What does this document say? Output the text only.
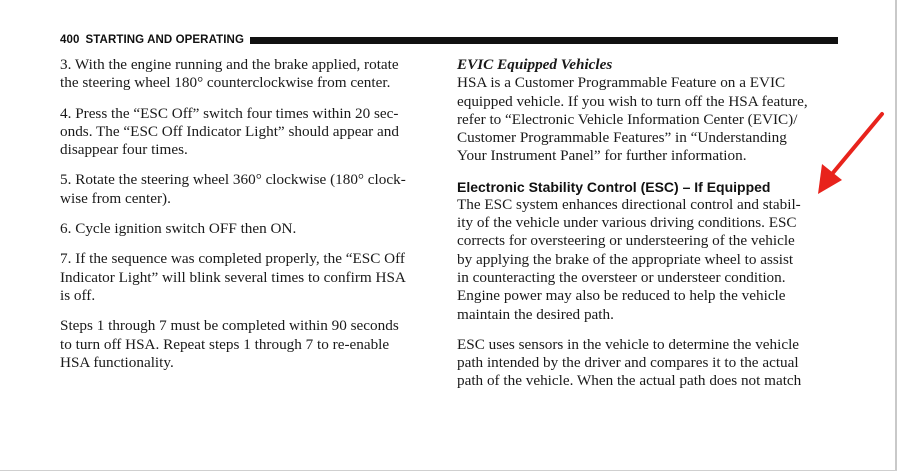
400 STARTING AND OPERATING

3. With the engine running and the brake applied, rotate
the steering wheel 180° counterclockwise from center.

4. Press the “ESC Off” switch four times within 20 sec-
onds. The “ESC Off Indicator Light” should appear and
disappear four times.

5. Rotate the steering wheel 360° clockwise (180° clock-
wise from center).

6. Cycle ignition switch OFF then ON.

7. If the sequence was completed properly, the “ESC Off
Indicator Light” will blink several times to confirm HSA
is off.

Steps 1 through 7 must be completed within 90 seconds
to turn off HSA. Repeat steps 1 through 7 to re-enable
HSA functionality.

EVIC Equipped Vehicles

HSA is a Customer Programmable Feature on a EVIC
equipped vehicle. If you wish to turn off the HSA feature,
refer to “Electronic Vehicle Information Center (EVIC)/
Customer Programmable Features” in “Understanding
Your Instrument Panel” for further information.

Electronic Stability Control (ESC) – If Equipped

The ESC system enhances directional control and stabil-
ity of the vehicle under various driving conditions. ESC
corrects for oversteering or understeering of the vehicle
by applying the brake of the appropriate wheel to assist
in counteracting the oversteer or understeer condition.
Engine power may also be reduced to help the vehicle
maintain the desired path.

ESC uses sensors in the vehicle to determine the vehicle
path intended by the driver and compares it to the actual
path of the vehicle. When the actual path does not match
